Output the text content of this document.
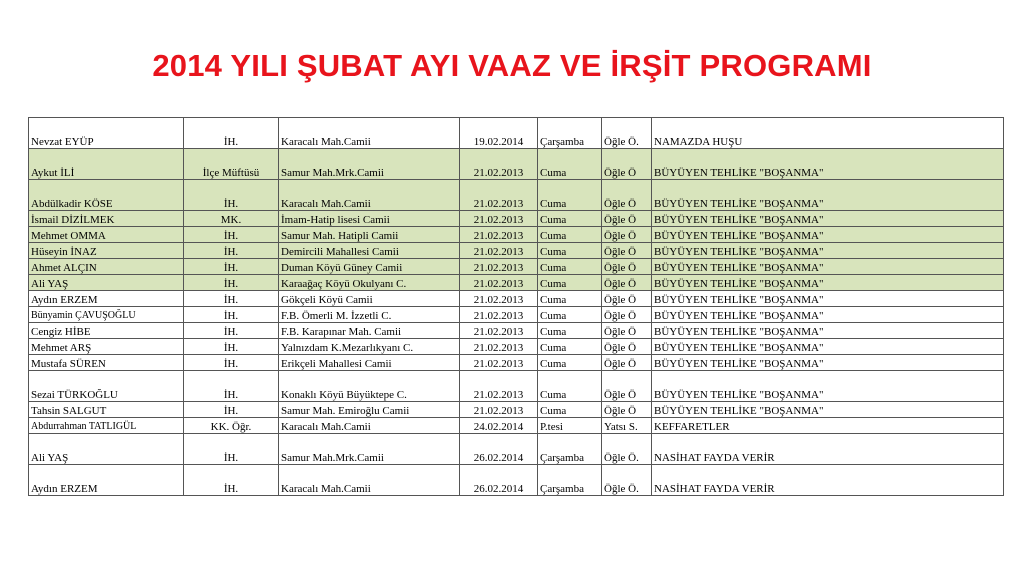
2014 YILI ŞUBAT AYI VAAZ VE İRŞİT PROGRAMI
Nevzat EYÜP	İH.	Karacalı Mah.Camii	19.02.2014	Çarşamba	Öğle Ö.	NAMAZDA HUŞU
Aykut İLİ	İlçe Müftüsü	Samur Mah.Mrk.Camii	21.02.2013	Cuma	Öğle Ö	BÜYÜYEN TEHLİKE "BOŞANMA"
Abdülkadir KÖSE	İH.	Karacalı Mah.Camii	21.02.2013	Cuma	Öğle Ö	BÜYÜYEN TEHLİKE "BOŞANMA"
İsmail DİZİLMEK	MK.	İmam-Hatip lisesi Camii	21.02.2013	Cuma	Öğle Ö	BÜYÜYEN TEHLİKE "BOŞANMA"
Mehmet OMMA	İH.	Samur Mah. Hatipli Camii	21.02.2013	Cuma	Öğle Ö	BÜYÜYEN TEHLİKE "BOŞANMA"
Hüseyin İNAZ	İH.	Demircili Mahallesi Camii	21.02.2013	Cuma	Öğle Ö	BÜYÜYEN TEHLİKE "BOŞANMA"
Ahmet ALÇIN	İH.	Duman Köyü Güney Camii	21.02.2013	Cuma	Öğle Ö	BÜYÜYEN TEHLİKE "BOŞANMA"
Ali YAŞ	İH.	Karaağaç Köyü Okulyanı C.	21.02.2013	Cuma	Öğle Ö	BÜYÜYEN TEHLİKE "BOŞANMA"
Aydın ERZEM	İH.	Gökçeli Köyü Camii	21.02.2013	Cuma	Öğle Ö	BÜYÜYEN TEHLİKE "BOŞANMA"
Bünyamin ÇAVUŞOĞLU	İH.	F.B. Ömerli M. İzzetli C.	21.02.2013	Cuma	Öğle Ö	BÜYÜYEN TEHLİKE "BOŞANMA"
Cengiz HİBE	İH.	F.B. Karapınar Mah. Camii	21.02.2013	Cuma	Öğle Ö	BÜYÜYEN TEHLİKE "BOŞANMA"
Mehmet ARŞ	İH.	Yalnızdam K.Mezarlıkyanı C.	21.02.2013	Cuma	Öğle Ö	BÜYÜYEN TEHLİKE "BOŞANMA"
Mustafa SÜREN	İH.	Erikçeli Mahallesi Camii	21.02.2013	Cuma	Öğle Ö	BÜYÜYEN TEHLİKE "BOŞANMA"
Sezai TÜRKOĞLU	İH.	Konaklı Köyü Büyüktepe C.	21.02.2013	Cuma	Öğle Ö	BÜYÜYEN TEHLİKE "BOŞANMA"
Tahsin SALGUT	İH.	Samur Mah. Emiroğlu Camii	21.02.2013	Cuma	Öğle Ö	BÜYÜYEN TEHLİKE "BOŞANMA"
Abdurrahman TATLIGÜL	KK. Öğr.	Karacalı Mah.Camii	24.02.2014	P.tesi	Yatsı S.	KEFFARETLER
Ali YAŞ	İH.	Samur Mah.Mrk.Camii	26.02.2014	Çarşamba	Öğle Ö.	NASİHAT FAYDA VERİR
Aydın ERZEM	İH.	Karacalı Mah.Camii	26.02.2014	Çarşamba	Öğle Ö.	NASİHAT FAYDA VERİR
